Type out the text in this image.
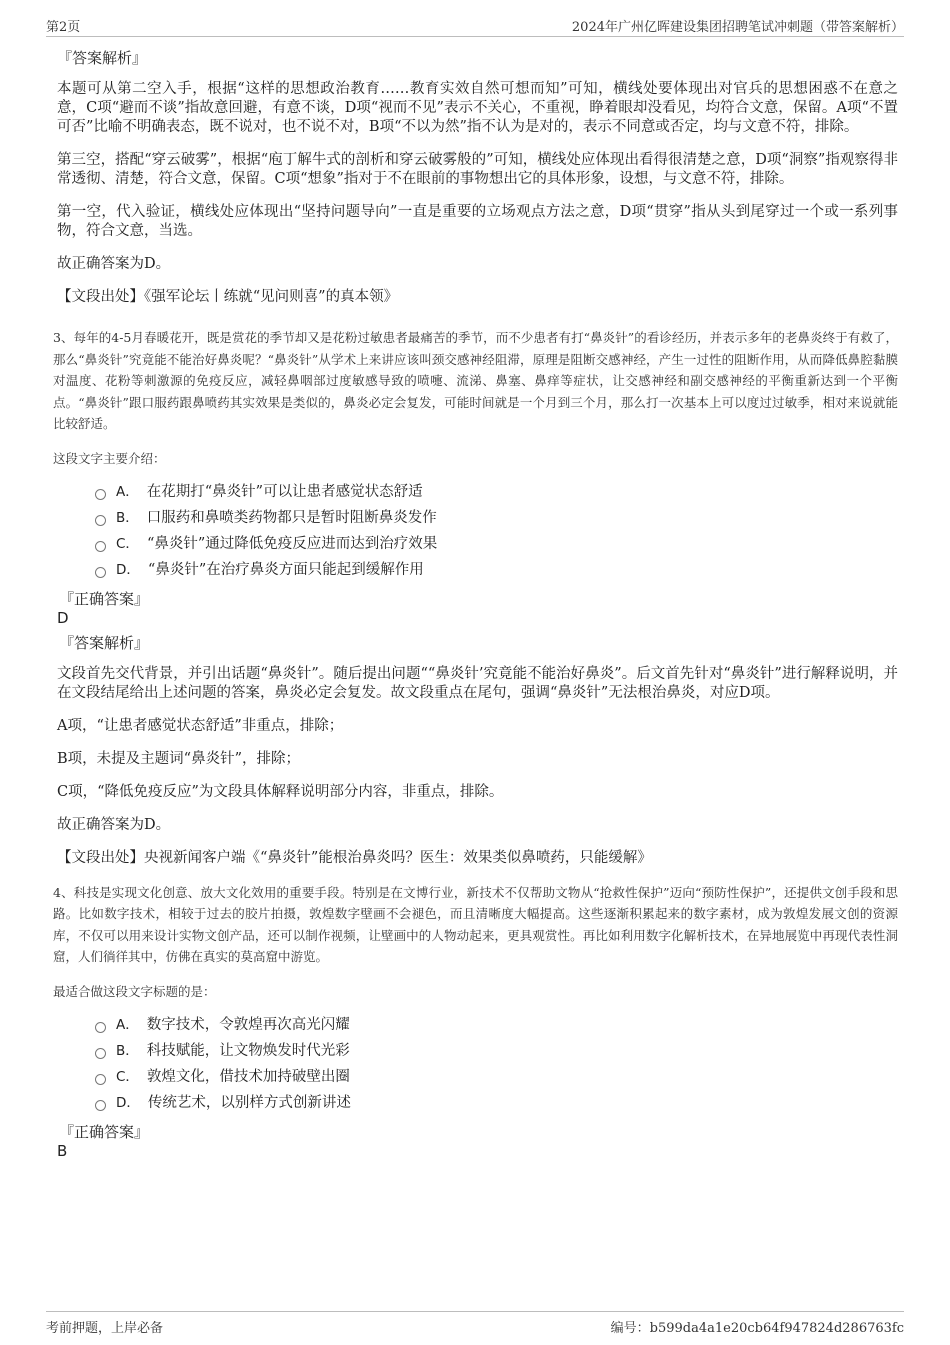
第2页	2024年广州亿晖建设集团招聘笔试冲刺题（带答案解析）
『答案解析』

本题可从第二空入手，根据“这样的思想政治教育……教育实效自然可想而知”可知，横线处要体现出对官兵的思想困惑不在意之意，C项“避而不谈”指故意回避，有意不谈，D项“视而不见”表示不关心，不重视，睁着眼却没看见，均符合文意，保留。A项“不置可否”比喻不明确表态，既不说对，也不说不对，B项“不以为然”指不认为是对的，表示不同意或否定，均与文意不符，排除。

第三空，搭配“穿云破雾”，根据“庖丁解牛式的剖析和穿云破雾般的”可知，横线处应体现出看得很清楚之意，D项“洞察”指观察得非常透彻、清楚，符合文意，保留。C项“想象”指对于不在眼前的事物想出它的具体形象，设想，与文意不符，排除。

第一空，代入验证，横线处应体现出“坚持问题导向”一直是重要的立场观点方法之意，D项“贯穿”指从头到尾穿过一个或一系列事物，符合文意，当选。

故正确答案为D。

【文段出处】《强军论坛丨练就“见问则喜”的真本领》

3、每年的4-5月春暖花开，既是赏花的季节却又是花粉过敏患者最痛苦的季节，而不少患者有打“鼻炎针”的看诊经历，并表示多年的老鼻炎终于有救了，那么“鼻炎针”究竟能不能治好鼻炎呢？“鼻炎针”从学术上来讲应该叫颈交感神经阻滞，原理是阻断交感神经，产生一过性的阻断作用，从而降低鼻腔黏膜对温度、花粉等刺激源的免疫反应，减轻鼻咽部过度敏感导致的喷嚏、流涕、鼻塞、鼻痒等症状，让交感神经和副交感神经的平衡重新达到一个平衡点。“鼻炎针”跟口服药跟鼻喷药其实效果是类似的，鼻炎必定会复发，可能时间就是一个月到三个月，那么打一次基本上可以度过过敏季，相对来说就能比较舒适。

这段文字主要介绍：

A． 在花期打“鼻炎针”可以让患者感觉状态舒适
B． 口服药和鼻喷类药物都只是暂时阻断鼻炎发作
C． “鼻炎针”通过降低免疫反应进而达到治疗效果
D． “鼻炎针”在治疗鼻炎方面只能起到缓解作用
『正确答案』
D
『答案解析』

文段首先交代背景，并引出话题“鼻炎针”。随后提出问题““鼻炎针’究竟能不能治好鼻炎”。后文首先针对“鼻炎针”进行解释说明，并在文段结尾给出上述问题的答案，鼻炎必定会复发。故文段重点在尾句，强调“鼻炎针”无法根治鼻炎，对应D项。

A项，“让患者感觉状态舒适”非重点，排除；

B项，未提及主题词“鼻炎针”，排除；

C项，“降低免疫反应”为文段具体解释说明部分内容，非重点，排除。

故正确答案为D。

【文段出处】央视新闻客户端《“鼻炎针”能根治鼻炎吗？医生：效果类似鼻喷药，只能缓解》

4、科技是实现文化创意、放大文化效用的重要手段。特别是在文博行业，新技术不仅帮助文物从“抢救性保护”迈向“预防性保护”，还提供文创手段和思路。比如数字技术，相较于过去的胶片拍摄，敦煌数字壁画不会褪色，而且清晰度大幅提高。这些逐渐积累起来的数字素材，成为敦煌发展文创的资源库，不仅可以用来设计实物文创产品，还可以制作视频，让壁画中的人物动起来，更具观赏性。再比如利用数字化解析技术，在异地展览中再现代表性洞窟，人们徜徉其中，仿佛在真实的莫高窟中游览。

最适合做这段文字标题的是：

A． 数字技术，令敦煌再次高光闪耀
B． 科技赋能，让文物焕发时代光彩
C． 敦煌文化，借技术加持破壁出圈
D． 传统艺术，以别样方式创新讲述
『正确答案』
B
考前押题，上岸必备	编号：b599da4a1e20cb64f947824d286763fc
